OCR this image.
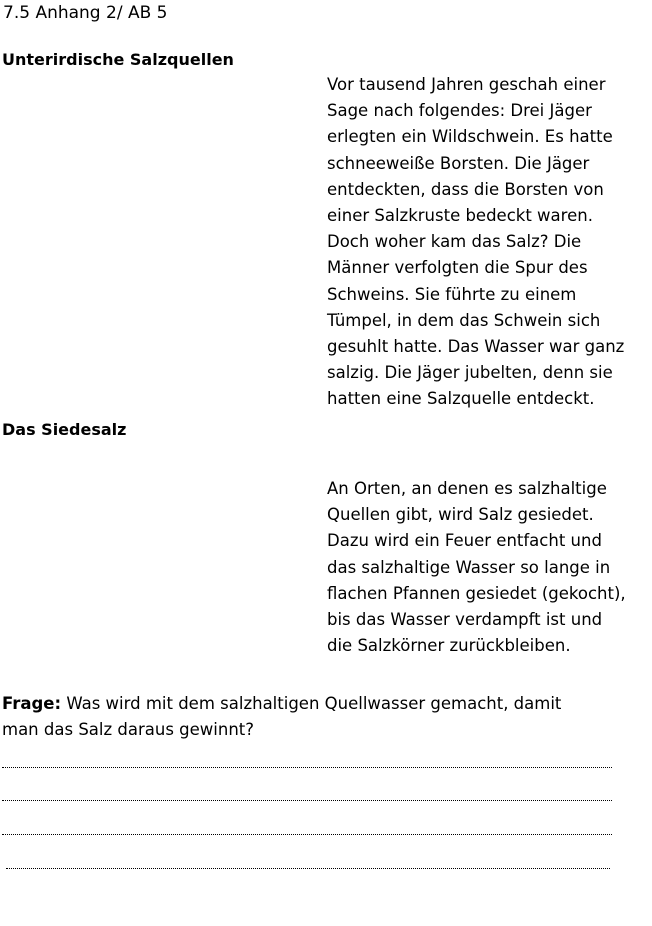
7.5 Anhang 2/ AB 5
Unterirdische Salzquellen
Vor tausend Jahren geschah einer
Sage nach folgendes: Drei Jäger
erlegten ein Wildschwein. Es hatte
schneeweiße Borsten. Die Jäger
entdeckten, dass die Borsten von
einer Salzkruste bedeckt waren.
Doch woher kam das Salz? Die
Männer verfolgten die Spur des
Schweins. Sie führte zu einem
Tümpel, in dem das Schwein sich
gesuhlt hatte. Das Wasser war ganz
salzig. Die Jäger jubelten, denn sie
hatten eine Salzquelle entdeckt.
Das Siedesalz
An Orten, an denen es salzhaltige
Quellen gibt, wird Salz gesiedet.
Dazu wird ein Feuer entfacht und
das salzhaltige Wasser so lange in
flachen Pfannen gesiedet (gekocht),
bis das Wasser verdampft ist und
die Salzkörner zurückbleiben.
Frage: Was wird mit dem salzhaltigen Quellwasser gemacht, damit
man das Salz daraus gewinnt?
